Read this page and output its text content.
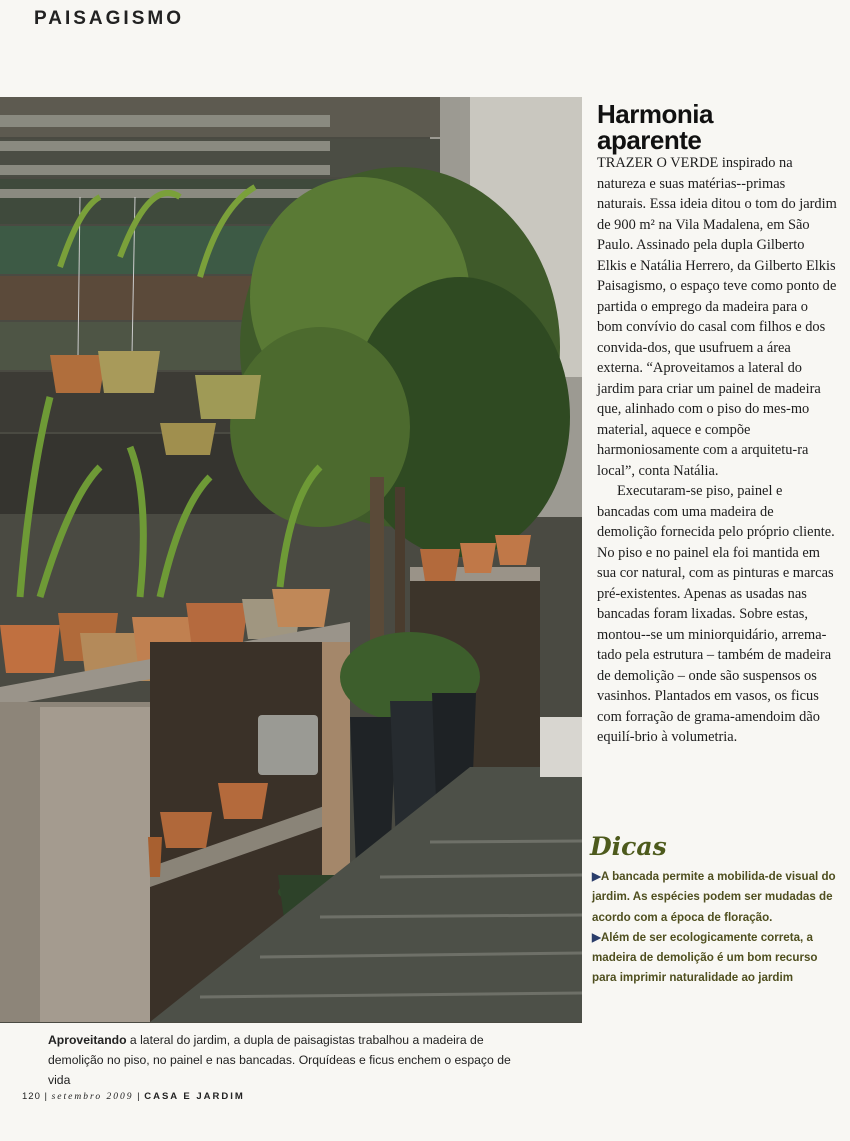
PAISAGISMO
Harmonia
aparente

TRAZER O VERDE inspirado na natureza e suas matérias--primas naturais. Essa ideia ditou o tom do jardim de 900 m² na Vila Madalena, em São Paulo. Assinado pela dupla Gilberto Elkis e Natália Herrero, da Gilberto Elkis Paisagismo, o espaço teve como ponto de partida o emprego da madeira para o bom convívio do casal com filhos e dos convida-dos, que usufruem a área externa. “Aproveitamos a lateral do jardim para criar um painel de madeira que, alinhado com o piso do mes-mo material, aquece e compõe harmoniosamente com a arquitetu-ra local”, conta Natália.

Executaram-se piso, painel e bancadas com uma madeira de demolição fornecida pelo próprio cliente. No piso e no painel ela foi mantida em sua cor natural, com as pinturas e marcas pré-existentes. Apenas as usadas nas bancadas foram lixadas. Sobre estas, montou--se um miniorquidário, arrema-tado pela estrutura – também de madeira de demolição – onde são suspensos os vasinhos. Plantados em vasos, os ficus com forração de grama-amendoim dão equilí-brio à volumetria.

Dicas

▶A bancada permite a mobilida-de visual do jardim. As espécies podem ser mudadas de acordo com a época de floração.

▶Além de ser ecologicamente correta, a madeira de demolição é um bom recurso para imprimir naturalidade ao jardim

Aproveitando a lateral do jardim, a dupla de paisagistas trabalhou a madeira de demolição no piso, no painel e nas bancadas. Orquídeas e ficus enchem o espaço de vida
120 | setembro 2009 | CASA E JARDIM
